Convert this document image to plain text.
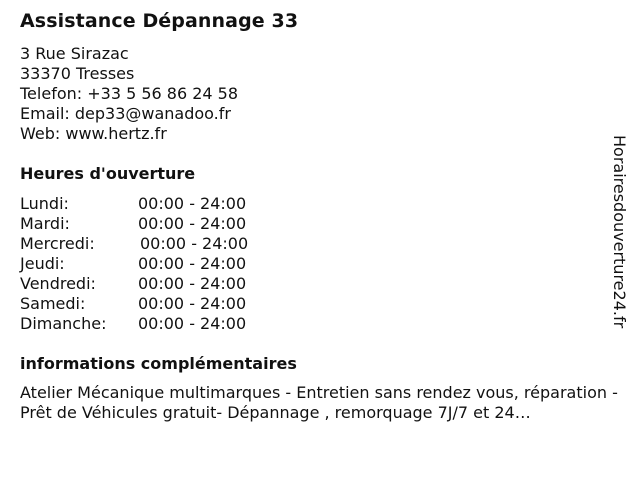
Assistance Dépannage 33
3 Rue Sirazac
33370 Tresses
Telefon: +33 5 56 86 24 58
Email: dep33@wanadoo.fr
Web: www.hertz.fr
Heures d'ouverture
Lundi:	00:00 - 24:00
Mardi:	00:00 - 24:00
Mercredi:	00:00 - 24:00
Jeudi:	00:00 - 24:00
Vendredi:	00:00 - 24:00
Samedi:	00:00 - 24:00
Dimanche: 00:00 - 24:00
informations complémentaires
Atelier Mécanique multimarques - Entretien sans rendez vous, réparation - Prêt de Véhicules gratuit- Dépannage , remorquage 7J/7 et 24…
Horairesdouverture24.fr
